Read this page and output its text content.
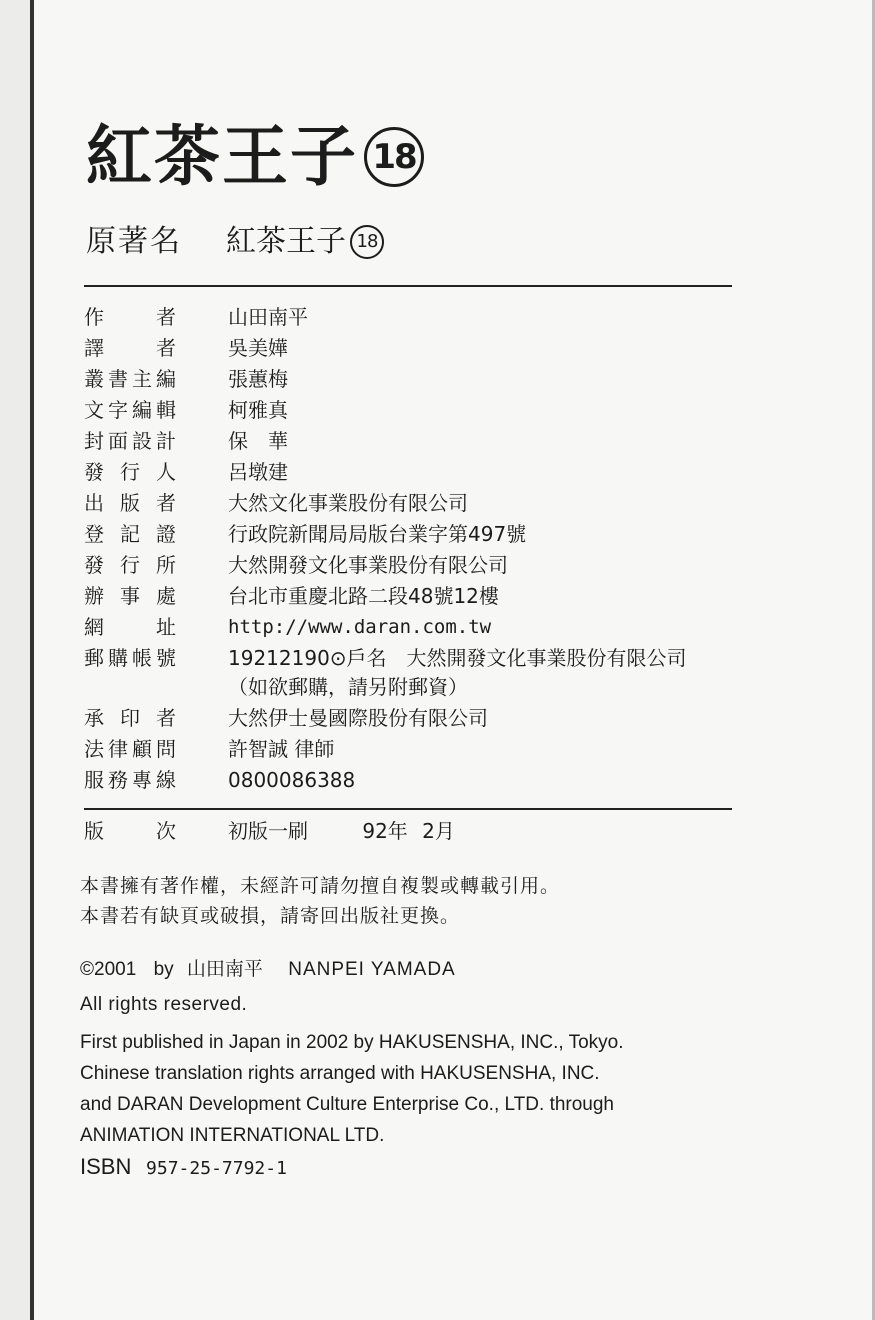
紅茶王子 18
原著名	紅茶王子 18
作者	山田南平
譯者	吳美嬅
叢書主編	張蕙梅
文字編輯	柯雅真
封面設計	保　華
發行人	呂墩建
出版者	大然文化事業股份有限公司
登記證	行政院新聞局局版台業字第497號
發行所	大然開發文化事業股份有限公司
辦事處	台北市重慶北路二段48號12樓
網址	http://www.daran.com.tw
郵購帳號	19212190⊙戶名　大然開發文化事業股份有限公司
（如欲郵購，請另附郵資）
承印者	大然伊士曼國際股份有限公司
法律顧問	許智誠 律師
服務專線	0800086388
版次	初版一刷	92年 2月
本書擁有著作權，未經許可請勿擅自複製或轉載引用。
本書若有缺頁或破損，請寄回出版社更換。
©2001 by 山田南平 NANPEI YAMADA
All rights reserved.
First published in Japan in 2002 by HAKUSENSHA, INC., Tokyo.
Chinese translation rights arranged with HAKUSENSHA, INC.
and DARAN Development Culture Enterprise Co., LTD. through
ANIMATION INTERNATIONAL LTD.
ISBN 957-25-7792-1
